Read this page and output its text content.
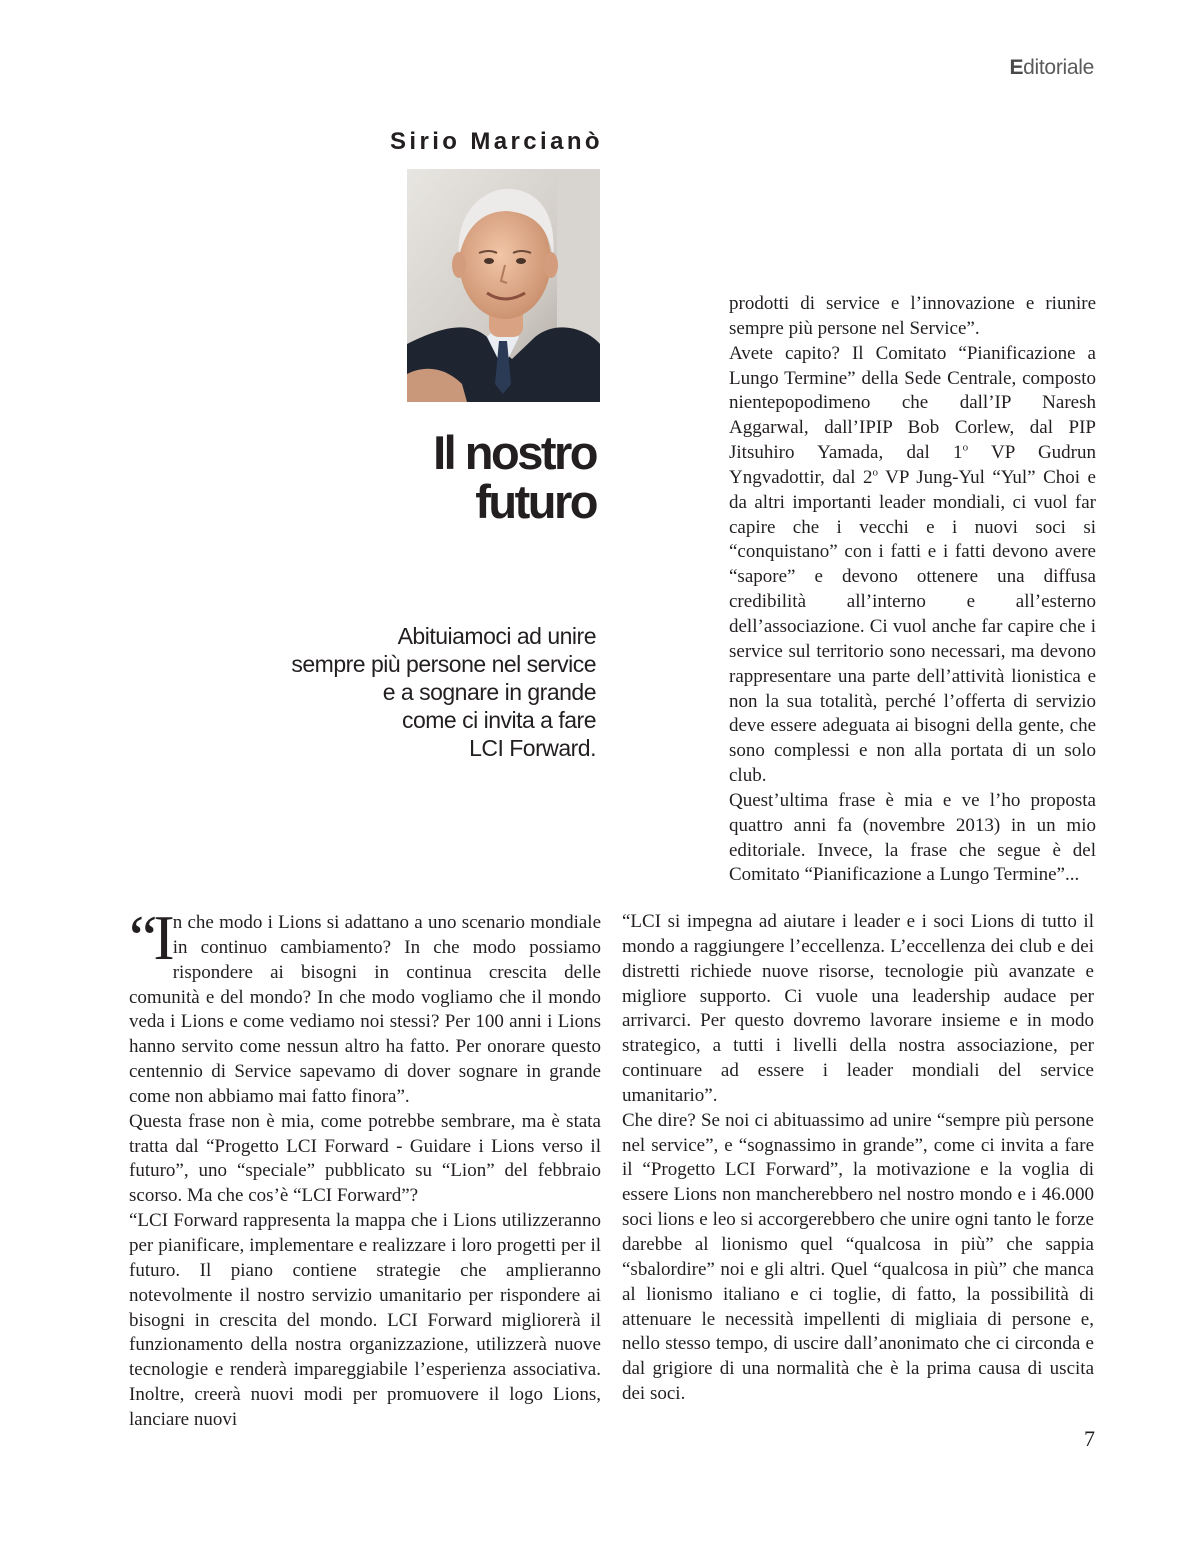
Editoriale
Sirio Marcianò
Il nostro
futuro
Abituiamoci ad unire
sempre più persone nel service
e a sognare in grande
come ci invita a fare
LCI Forward.

prodotti di service e l’innovazione e riunire sempre più persone nel Service”.

Avete capito? Il Comitato “Pianificazione a Lungo Termine” della Sede Centrale, composto nientepopodimeno che dall’IP Naresh Aggarwal, dall’IPIP Bob Corlew, dal PIP Jitsuhiro Yamada, dal 1$^o$ VP Gudrun Yngvadottir, dal 2$^o$ VP Jung-Yul “Yul” Choi e da altri importanti leader mondiali, ci vuol far capire che i vecchi e i nuovi soci si “conquistano” con i fatti e i fatti devono avere “sapore” e devono ottenere una diffusa credibilità all’interno e all’esterno dell’associazione. Ci vuol anche far capire che i service sul territorio sono necessari, ma devono rappresentare una parte dell’attività lionistica e non la sua totalità, perché l’offerta di servizio deve essere adeguata ai bisogni della gente, che sono complessi e non alla portata di un solo club.

Quest’ultima frase è mia e ve l’ho proposta quattro anni fa (novembre 2013) in un mio editoriale. Invece, la frase che segue è del Comitato “Pianificazione a Lungo Termine”...

“In che modo i Lions si adattano a uno scenario mondiale in continuo cambiamento? In che modo possiamo rispondere ai bisogni in continua crescita delle comunità e del mondo? In che modo vogliamo che il mondo veda i Lions e come vediamo noi stessi? Per 100 anni i Lions hanno servito come nessun altro ha fatto. Per onorare questo centennio di Service sapevamo di dover sognare in grande come non abbiamo mai fatto finora”.

Questa frase non è mia, come potrebbe sembrare, ma è stata tratta dal “Progetto LCI Forward - Guidare i Lions verso il futuro”, uno “speciale” pubblicato su “Lion” del febbraio scorso. Ma che cos’è “LCI Forward”?

“LCI Forward rappresenta la mappa che i Lions utilizzeranno per pianificare, implementare e realizzare i loro progetti per il futuro. Il piano contiene strategie che amplieranno notevolmente il nostro servizio umanitario per rispondere ai bisogni in crescita del mondo. LCI Forward migliorerà il funzionamento della nostra organizzazione, utilizzerà nuove tecnologie e renderà impareggiabile l’esperienza associativa. Inoltre, creerà nuovi modi per promuovere il logo Lions, lanciare nuovi

“LCI si impegna ad aiutare i leader e i soci Lions di tutto il mondo a raggiungere l’eccellenza. L’eccellenza dei club e dei distretti richiede nuove risorse, tecnologie più avanzate e migliore supporto. Ci vuole una leadership audace per arrivarci. Per questo dovremo lavorare insieme e in modo strategico, a tutti i livelli della nostra associazione, per continuare ad essere i leader mondiali del service umanitario”.

Che dire? Se noi ci abituassimo ad unire “sempre più persone nel service”, e “sognassimo in grande”, come ci invita a fare il “Progetto LCI Forward”, la motivazione e la voglia di essere Lions non mancherebbero nel nostro mondo e i 46.000 soci lions e leo si accorgerebbero che unire ogni tanto le forze darebbe al lionismo quel “qualcosa in più” che sappia “sbalordire” noi e gli altri. Quel “qualcosa in più” che manca al lionismo italiano e ci toglie, di fatto, la possibilità di attenuare le necessità impellenti di migliaia di persone e, nello stesso tempo, di uscire dall’anonimato che ci circonda e dal grigiore di una normalità che è la prima causa di uscita dei soci.

7
